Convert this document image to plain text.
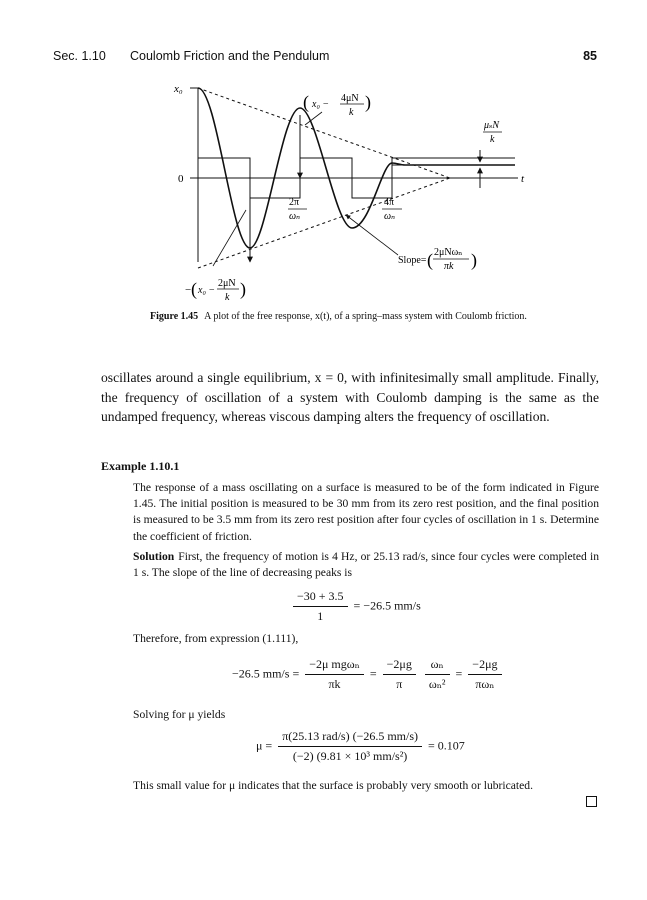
Sec. 1.10 Coulomb Friction and the Pendulum	85
x₀
0	t
2π
ωₙ
4π
ωₙ
( x₀ −
4μN
k
)
μₛN
k
− ( x₀ −
2μN
k )
Slope= ( 2μNωₙ
πk )
Figure 1.45 A plot of the free response, x(t), of a spring–mass system with Coulomb friction.
oscillates around a single equilibrium, x = 0, with infinitesimally small amplitude. Finally, the frequency of oscillation of a system with Coulomb damping is the same as the undamped frequency, whereas viscous damping alters the frequency of oscillation.
Example 1.10.1
The response of a mass oscillating on a surface is measured to be of the form indicated in Figure 1.45. The initial position is measured to be 30 mm from its zero rest position, and the final position is measured to be 3.5 mm from its zero rest position after four cycles of oscillation in 1 s. Determine the coefficient of friction.
Solution First, the frequency of motion is 4 Hz, or 25.13 rad/s, since four cycles were completed in 1 s. The slope of the line of decreasing peaks is
$\frac{-30 + 3.5}{1} = -26.5$ mm/s
Therefore, from expression (1.111),
−26.5 $mm/s = \frac{\text{−2μ mgωₙ}}{\pi k} = \frac{-2\mu g}{\pi}$
$\frac{\text{ωₙ}}{\text{ωₙ²}} = \frac{-2\mu g}{\text{πωₙ}}$
Solving for μ yields
$\mu = \frac{\text{π(25.13 rad/s) (−26.5 mm/s)}}{\text{(−2) (9.81 × 10³ mm/s²)}} = 0.107$
This small value for μ indicates that the surface is probably very smooth or lubricated.
